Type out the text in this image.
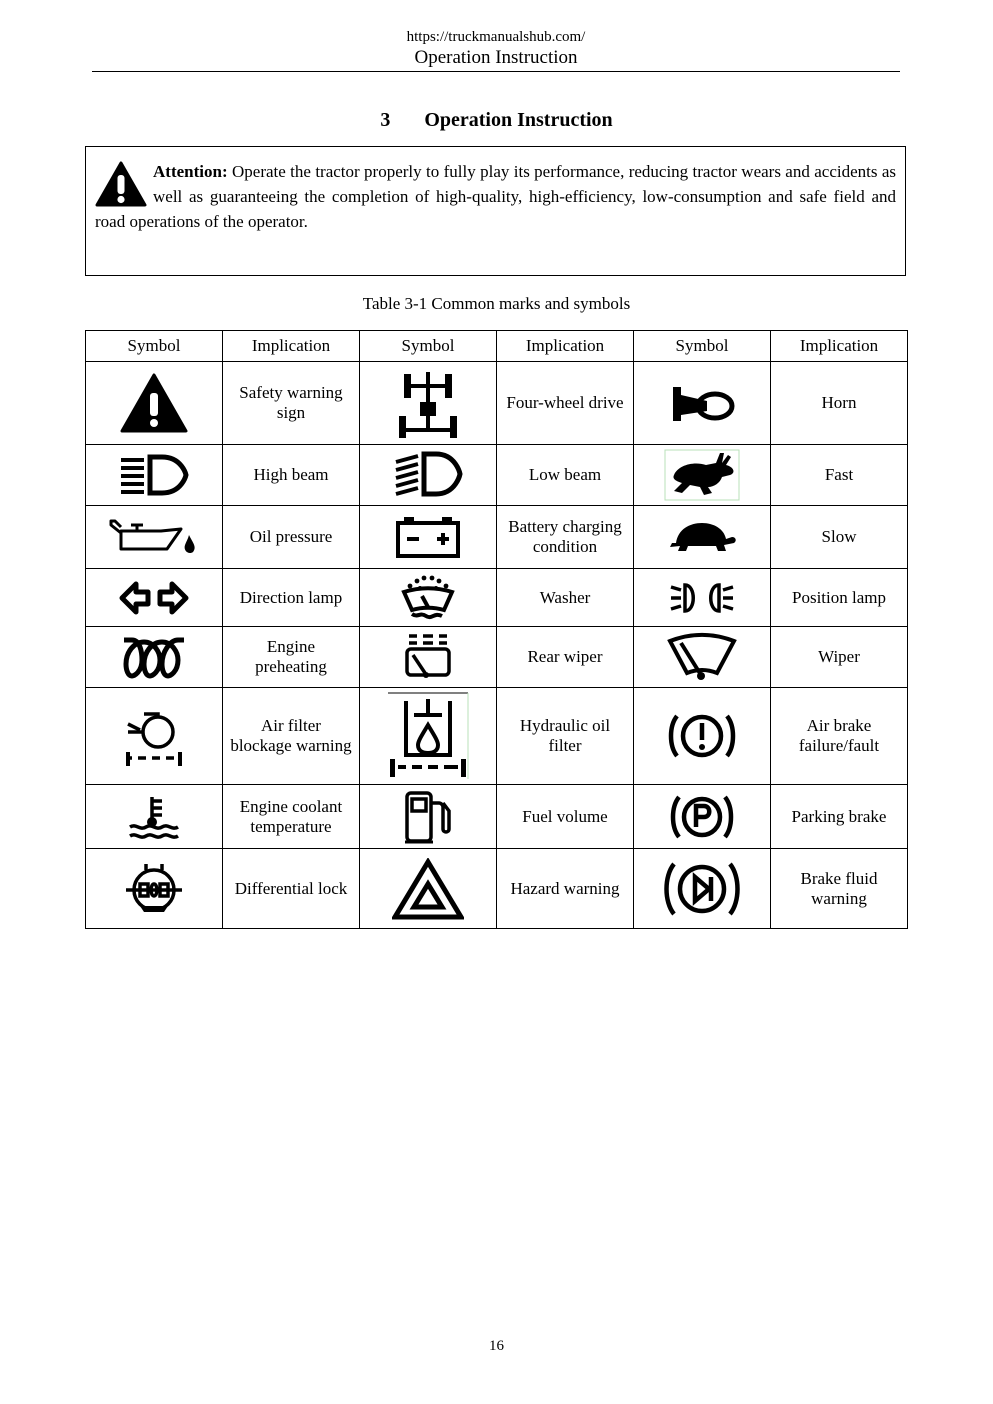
https://truckmanualshub.com/
Operation Instruction
3 Operation Instruction
Attention: Operate the tractor properly to fully play its performance, reducing tractor wears and accidents as well as guaranteeing the completion of high-quality, high-efficiency, low-consumption and safe field and road operations of the operator.
Table 3-1 Common marks and symbols
Symbol	Implication	Symbol	Implication	Symbol	Implication

	Safety warning sign		Four-wheel drive		Horn

	High beam		Low beam		Fast

	Oil pressure		Battery charging condition		Slow

	Direction lamp		Washer		Position lamp

	Engine preheating		Rear wiper		Wiper

	Air filter blockage warning		Hydraulic oil filter		Air brake failure/fault

	Engine coolant temperature		Fuel volume		Parking brake

	Differential lock		Hazard warning		Brake fluid warning
16
